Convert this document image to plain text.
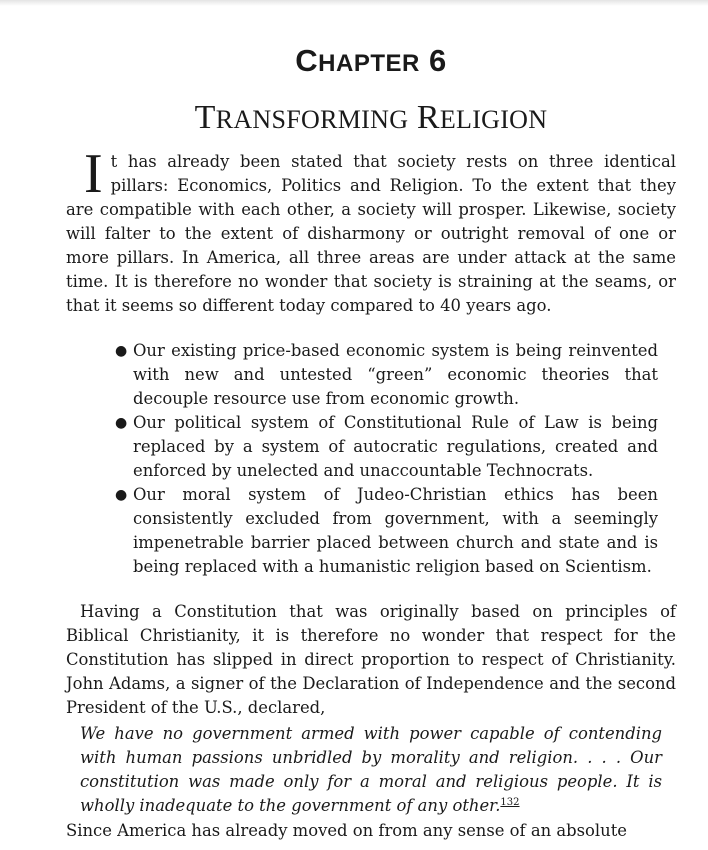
CHAPTER 6
TRANSFORMING RELIGION

It has already been stated that society rests on three identical pillars: Economics, Politics and Religion. To the extent that they are compatible with each other, a society will prosper. Likewise, society will falter to the extent of disharmony or outright removal of one or more pillars. In America, all three areas are under attack at the same time. It is therefore no wonder that society is straining at the seams, or that it seems so different today compared to 40 years ago.

● Our existing price-based economic system is being reinvented with new and untested “green” economic theories that decouple resource use from economic growth.
● Our political system of Constitutional Rule of Law is being replaced by a system of autocratic regulations, created and enforced by unelected and unaccountable Technocrats.
● Our moral system of Judeo-Christian ethics has been consistently excluded from government, with a seemingly impenetrable barrier placed between church and state and is being replaced with a humanistic religion based on Scientism.

Having a Constitution that was originally based on principles of Biblical Christianity, it is therefore no wonder that respect for the Constitution has slipped in direct proportion to respect of Christianity. John Adams, a signer of the Declaration of Independence and the second President of the U.S., declared,

We have no government armed with power capable of contending with human passions unbridled by morality and religion. . . . Our constitution was made only for a moral and religious people. It is wholly inadequate to the government of any other.$^{132}$

Since America has already moved on from any sense of an absolute
